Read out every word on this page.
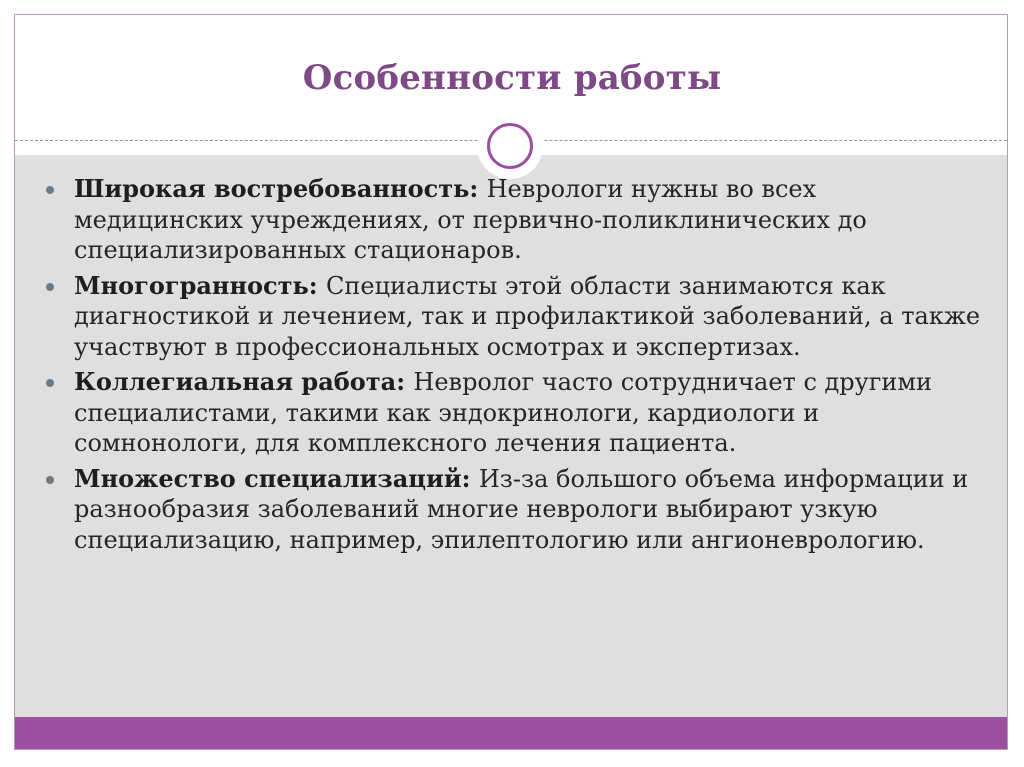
Особенности работы
Широкая востребованность: Неврологи нужны во всех медицинских учреждениях, от первично-поликлинических до специализированных стационаров.
Многогранность: Специалисты этой области занимаются как диагностикой и лечением, так и профилактикой заболеваний, а также участвуют в профессиональных осмотрах и экспертизах.
Коллегиальная работа: Невролог часто сотрудничает с другими специалистами, такими как эндокринологи, кардиологи и сомнонологи, для комплексного лечения пациента.
Множество специализаций: Из-за большого объема информации и разнообразия заболеваний многие неврологи выбирают узкую специализацию, например, эпилептологию или ангионеврологию.
